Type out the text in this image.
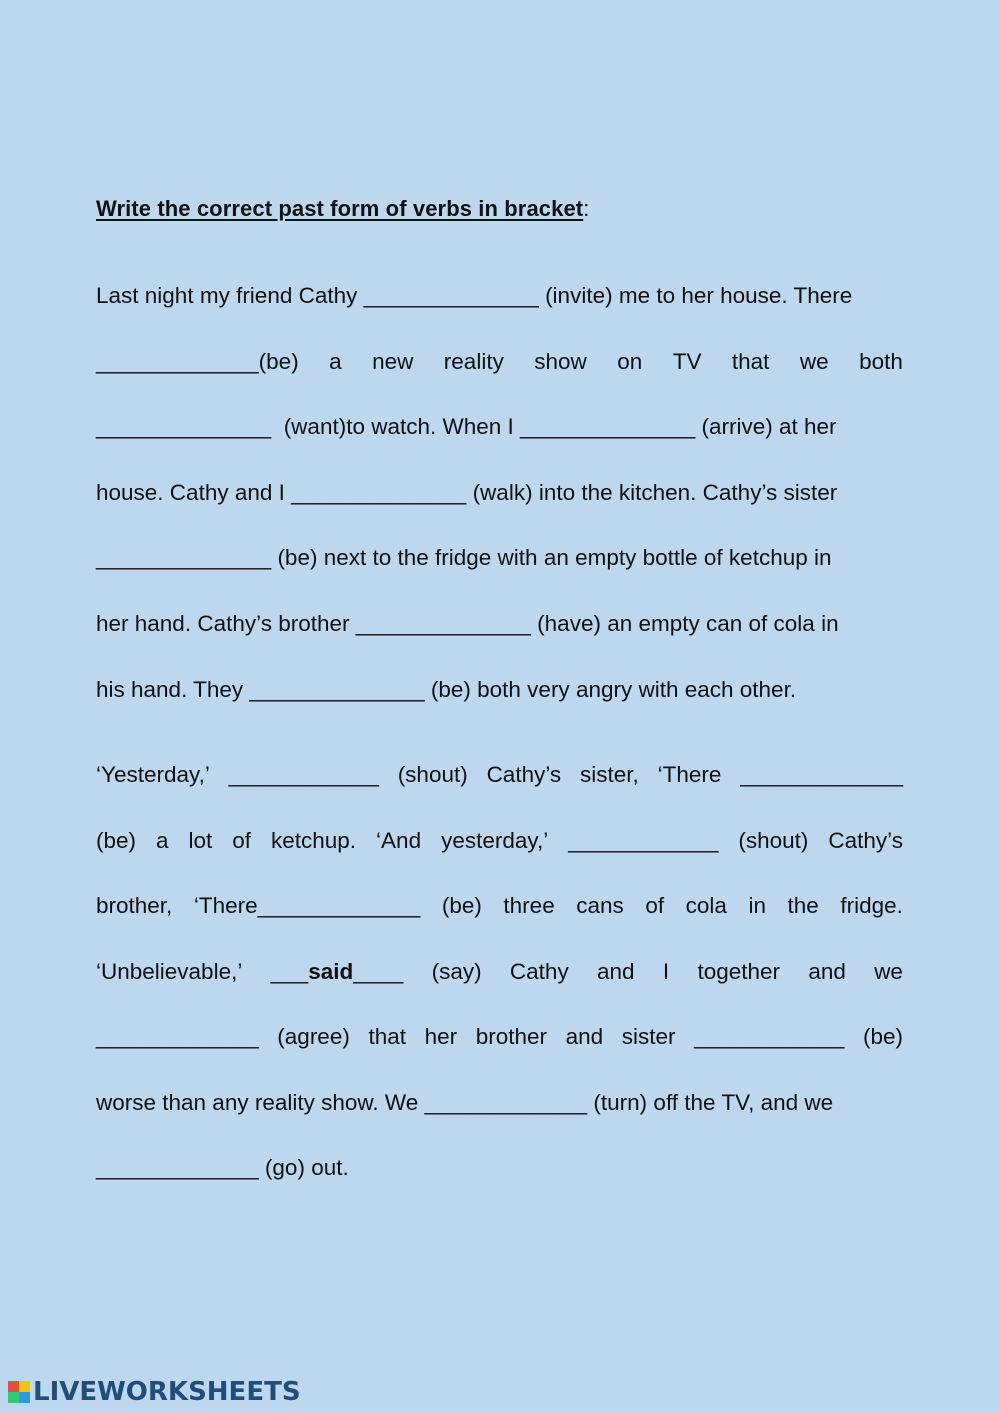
Write the correct past form of verbs in bracket:
Last night my friend Cathy ______________ (invite) me to her house. There
_____________(be) a new reality show on TV that we both
______________  (want)to watch. When I ______________ (arrive) at her
house. Cathy and I ______________ (walk) into the kitchen. Cathy’s sister
______________ (be) next to the fridge with an empty bottle of ketchup in
her hand. Cathy’s brother ______________ (have) an empty can of cola in
his hand. They ______________ (be) both very angry with each other.
‘Yesterday,’ ____________ (shout) Cathy’s sister, ‘There _____________
(be) a lot of ketchup. ‘And yesterday,’ ____________ (shout) Cathy’s
brother, ‘There_____________ (be) three cans of cola in the fridge.
‘Unbelievable,’ ___said____ (say) Cathy and I together and we
_____________ (agree) that her brother and sister ____________ (be)
worse than any reality show. We _____________ (turn) off the TV, and we
_____________ (go) out.
LIVEWORKSHEETS
